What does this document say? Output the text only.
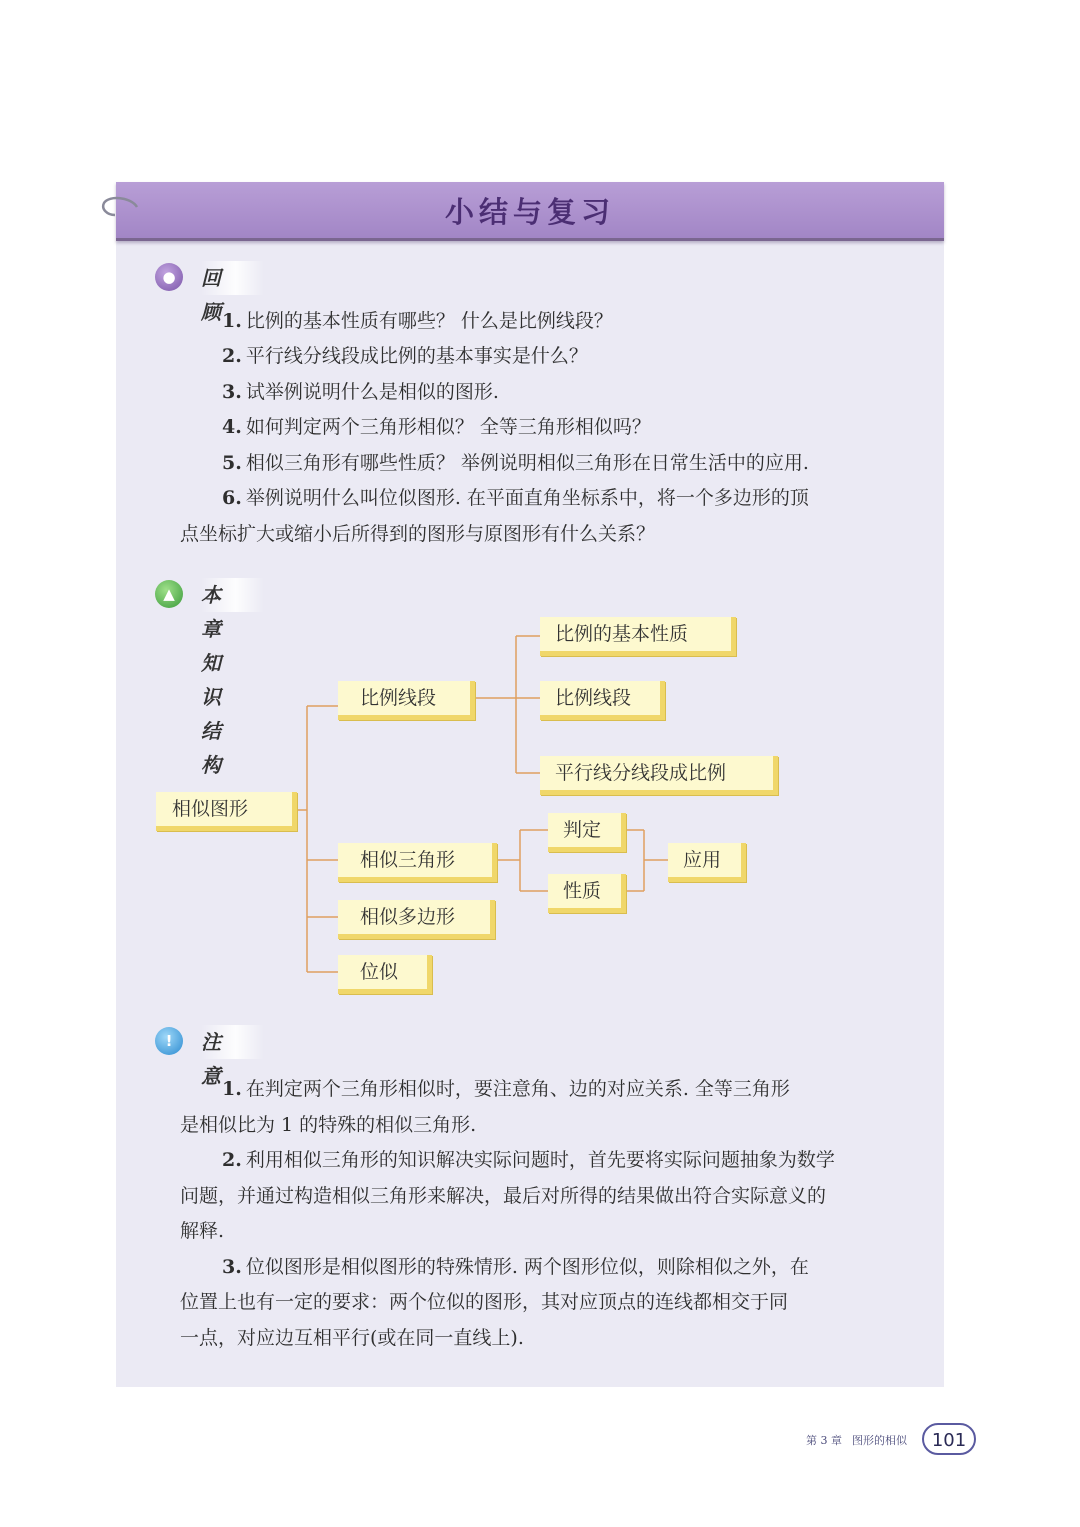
小结与复习
●	回顾
1. 比例的基本性质有哪些？ 什么是比例线段？
2. 平行线分线段成比例的基本事实是什么？
3. 试举例说明什么是相似的图形.
4. 如何判定两个三角形相似？ 全等三角形相似吗？
5. 相似三角形有哪些性质？ 举例说明相似三角形在日常生活中的应用.
6. 举例说明什么叫位似图形. 在平面直角坐标系中，将一个多边形的顶
点坐标扩大或缩小后所得到的图形与原图形有什么关系？
▲	本章知识结构
相似图形
比例线段
比例的基本性质
比例线段
平行线分线段成比例
相似三角形
判定
性质
应用
相似多边形
位似
!	注意
1. 在判定两个三角形相似时，要注意角、边的对应关系. 全等三角形
是相似比为 1 的特殊的相似三角形.
2. 利用相似三角形的知识解决实际问题时，首先要将实际问题抽象为数学
问题，并通过构造相似三角形来解决，最后对所得的结果做出符合实际意义的
解释.
3. 位似图形是相似图形的特殊情形. 两个图形位似，则除相似之外，在
位置上也有一定的要求：两个位似的图形，其对应顶点的连线都相交于同
一点，对应边互相平行(或在同一直线上).
第 3 章 图形的相似	101
